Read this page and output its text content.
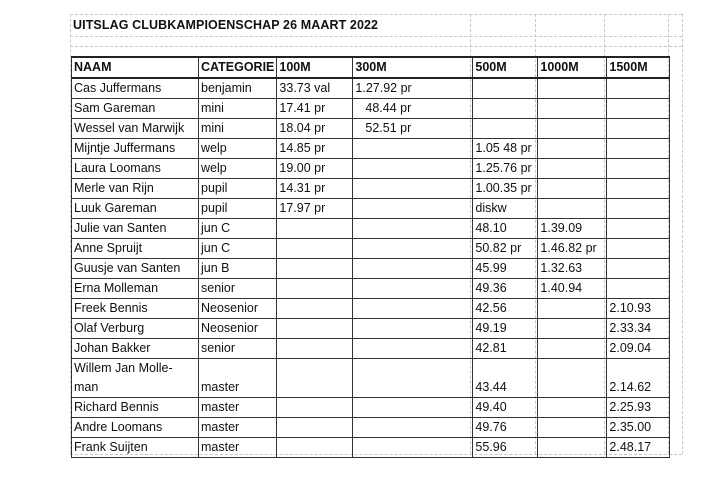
UITSLAG CLUBKAMPIOENSCHAP 26 MAART 2022
NAAM	CATEGORIE	100M	300M	500M	1000M	1500M
Cas Juffermans	benjamin	33.73 val	1.27.92 pr			
Sam Gareman	mini	17.41 pr	48.44 pr			
Wessel van Marwijk	mini	18.04 pr	52.51 pr			
Mijntje Juffermans	welp	14.85 pr		1.05 48 pr		
Laura Loomans	welp	19.00 pr		1.25.76 pr		
Merle van Rijn	pupil	14.31 pr		1.00.35 pr		
Luuk Gareman	pupil	17.97 pr		diskw		
Julie van Santen	jun C			48.10	1.39.09	
Anne Spruijt	jun C			50.82 pr	1.46.82 pr	
Guusje van Santen	jun B			45.99	1.32.63	
Erna Molleman	senior			49.36	1.40.94	
Freek Bennis	Neosenior			42.56		2.10.93
Olaf Verburg	Neosenior			49.19		2.33.34
Johan Bakker	senior			42.81		2.09.04
Willem Jan Molle- man	master			43.44		2.14.62
Richard Bennis	master			49.40		2.25.93
Andre Loomans	master			49.76		2.35.00
Frank Suijten	master			55.96		2.48.17
